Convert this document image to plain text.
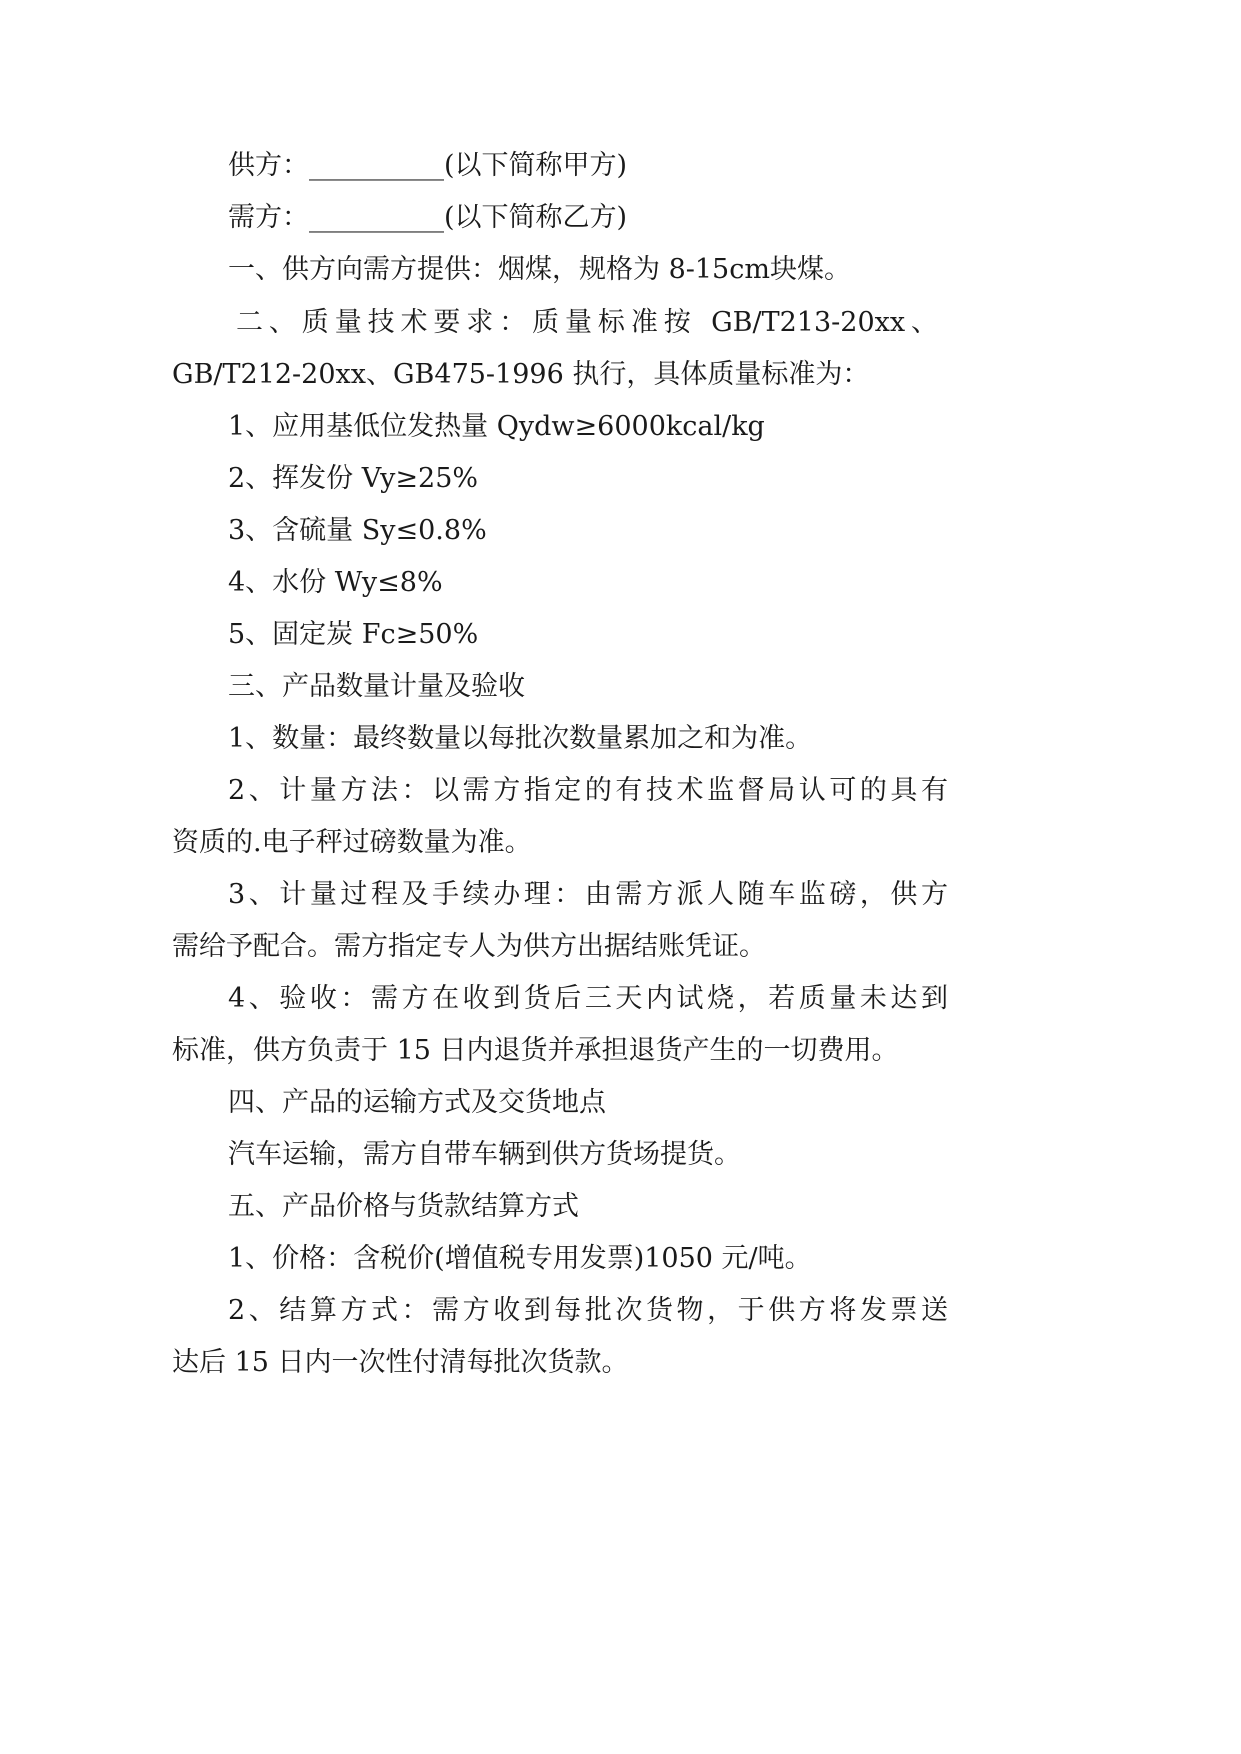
供方：__________(以下简称甲方)
需方：__________(以下简称乙方)
一、供方向需方提供：烟煤，规格为 8-15cm块煤。
二、质量技术要求：质量标准按 GB/T213-20xx、
GB/T212-20xx、GB475-1996 执行，具体质量标准为：
1、应用基低位发热量 Qydw≥6000kcal/kg
2、挥发份 Vy≥25%
3、含硫量 Sy≤0.8%
4、水份 Wy≤8%
5、固定炭 Fc≥50%
三、产品数量计量及验收
1、数量：最终数量以每批次数量累加之和为准。
2、计量方法：以需方指定的有技术监督局认可的具有
资质的.电子秤过磅数量为准。
3、计量过程及手续办理：由需方派人随车监磅，供方
需给予配合。需方指定专人为供方出据结账凭证。
4、验收：需方在收到货后三天内试烧，若质量未达到
标准，供方负责于 15 日内退货并承担退货产生的一切费用。
四、产品的运输方式及交货地点
汽车运输，需方自带车辆到供方货场提货。
五、产品价格与货款结算方式
1、价格：含税价(增值税专用发票)1050 元/吨。
2、结算方式：需方收到每批次货物，于供方将发票送
达后 15 日内一次性付清每批次货款。
